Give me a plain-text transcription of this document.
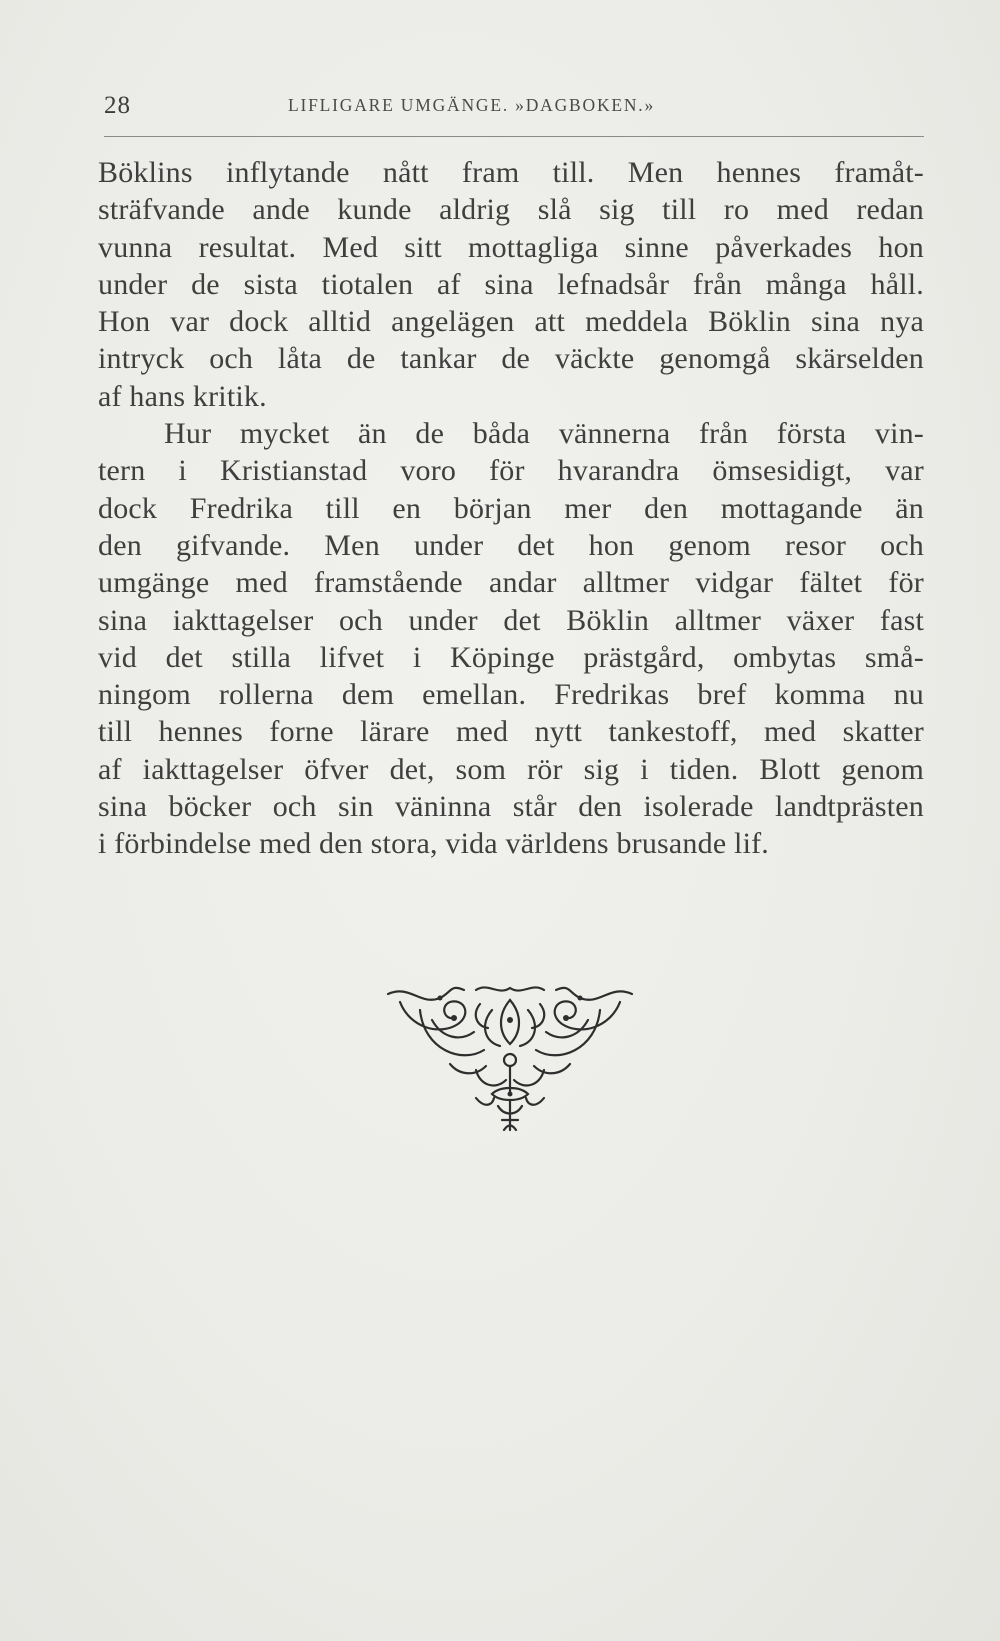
28	LIFLIGARE UMGÄNGE. »DAGBOKEN.»

Böklins inflytande nått fram till. Men hennes framåt-

sträfvande ande kunde aldrig slå sig till ro med redan

vunna resultat. Med sitt mottagliga sinne påverkades hon

under de sista tiotalen af sina lefnadsår från många håll.

Hon var dock alltid angelägen att meddela Böklin sina nya

intryck och låta de tankar de väckte genomgå skärselden

af hans kritik.

Hur mycket än de båda vännerna från första vin-

tern i Kristianstad voro för hvarandra ömsesidigt, var

dock Fredrika till en början mer den mottagande än

den gifvande. Men under det hon genom resor och

umgänge med framstående andar alltmer vidgar fältet för

sina iakttagelser och under det Böklin alltmer växer fast

vid det stilla lifvet i Köpinge prästgård, ombytas små-

ningom rollerna dem emellan. Fredrikas bref komma nu

till hennes forne lärare med nytt tankestoff, med skatter

af iakttagelser öfver det, som rör sig i tiden. Blott genom

sina böcker och sin väninna står den isolerade landtprästen

i förbindelse med den stora, vida världens brusande lif.
